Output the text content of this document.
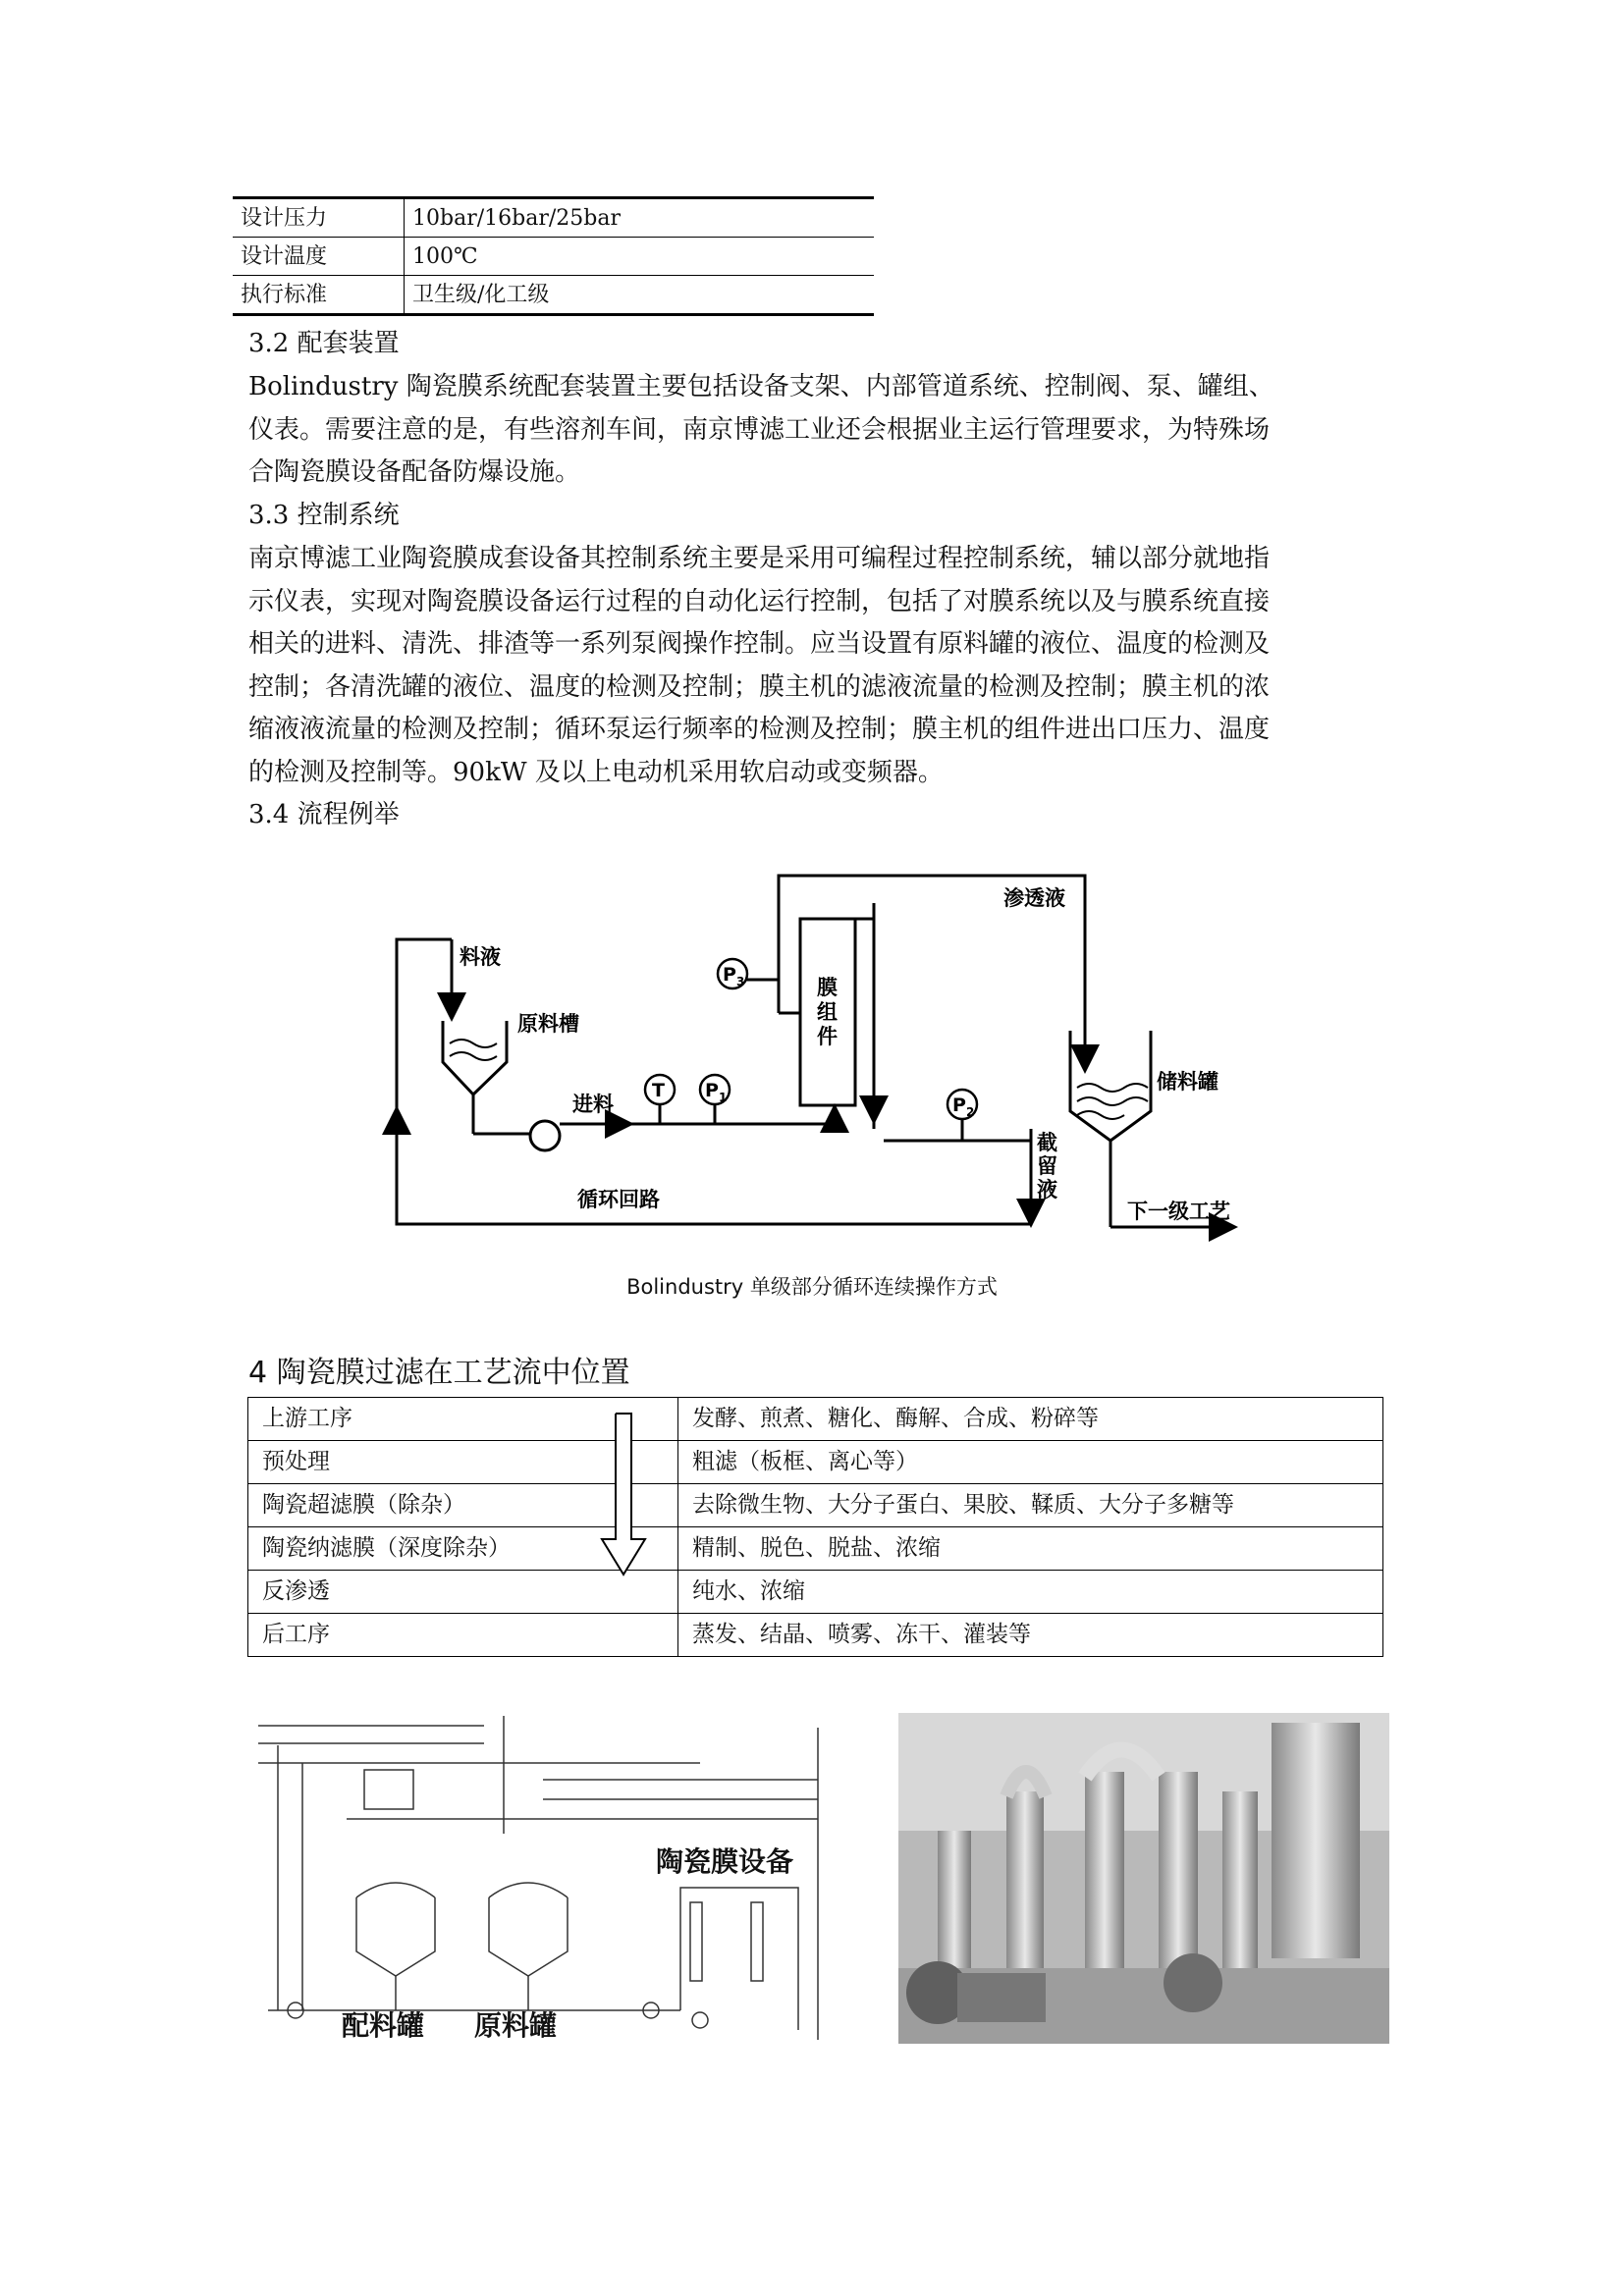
设计压力	10bar/16bar/25bar
设计温度	100℃
执行标准	卫生级/化工级
3.2 配套装置
Bolindustry 陶瓷膜系统配套装置主要包括设备支架、内部管道系统、控制阀、泵、罐组、
仪表。需要注意的是，有些溶剂车间，南京博滤工业还会根据业主运行管理要求，为特殊场
合陶瓷膜设备配备防爆设施。
3.3 控制系统
南京博滤工业陶瓷膜成套设备其控制系统主要是采用可编程过程控制系统，辅以部分就地指
示仪表，实现对陶瓷膜设备运行过程的自动化运行控制，包括了对膜系统以及与膜系统直接
相关的进料、清洗、排渣等一系列泵阀操作控制。应当设置有原料罐的液位、温度的检测及
控制；各清洗罐的液位、温度的检测及控制；膜主机的滤液流量的检测及控制；膜主机的浓
缩液液流量的检测及控制；循环泵运行频率的检测及控制；膜主机的组件进出口压力、温度
的检测及控制等。90kW 及以上电动机采用软启动或变频器。
3.4 流程例举
T P 1
P 3
P 2
料液
原料槽
进料
渗透液
膜
组
件
储料罐
截
留
液
循环回路	下一级工艺
Bolindustry 单级部分循环连续操作方式
4 陶瓷膜过滤在工艺流中位置
上游工序	发酵、煎煮、糖化、酶解、合成、粉碎等
预处理	粗滤（板框、离心等）
陶瓷超滤膜（除杂）	去除微生物、大分子蛋白、果胶、鞣质、大分子多糖等
陶瓷纳滤膜（深度除杂）	精制、脱色、脱盐、浓缩
反渗透	纯水、浓缩
后工序	蒸发、结晶、喷雾、冻干、灌装等
陶瓷膜设备
配料罐 原料罐
